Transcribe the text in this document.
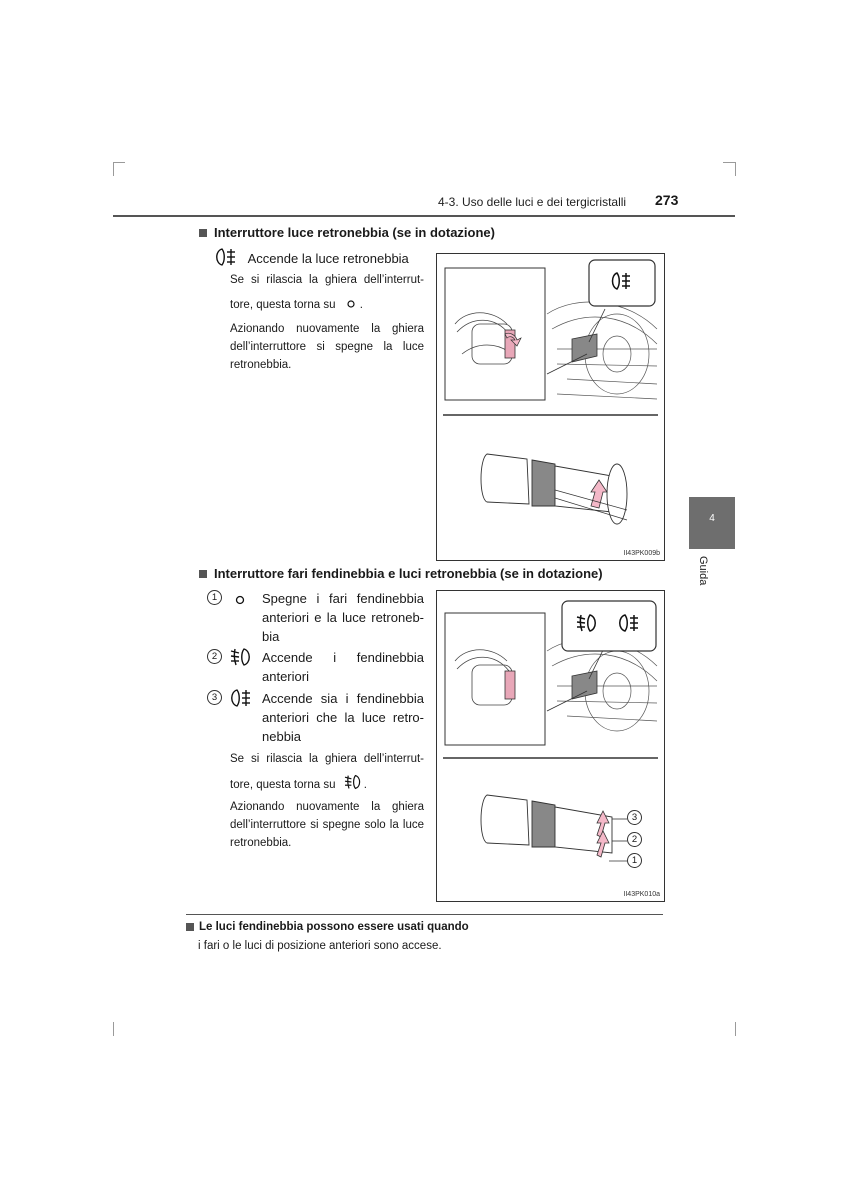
4-3. Uso delle luci e dei tergicristalli 273
4
Guida
Interruttore luce retronebbia (se in dotazione)
Accende la luce retronebbia
Se si rilascia la ghiera dell’interrut-
tore, questa torna su .
Azionando nuovamente la ghiera dell’interruttore si spegne la luce retronebbia.
II43PK009b
Interruttore fari fendinebbia e luci retronebbia (se in dotazione)
1	Spegne i fari fendinebbia
anteriori e la luce retroneb-
bia
2	Accende i fendinebbia
anteriori
3	Accende sia i fendinebbia
anteriori che la luce retro-
nebbia
Se si rilascia la ghiera dell’interrut-
tore, questa torna su .
Azionando nuovamente la ghiera dell’interruttore si spegne solo la luce retronebbia.
3
2
1
II43PK010a
Le luci fendinebbia possono essere usati quando
i fari o le luci di posizione anteriori sono accese.
